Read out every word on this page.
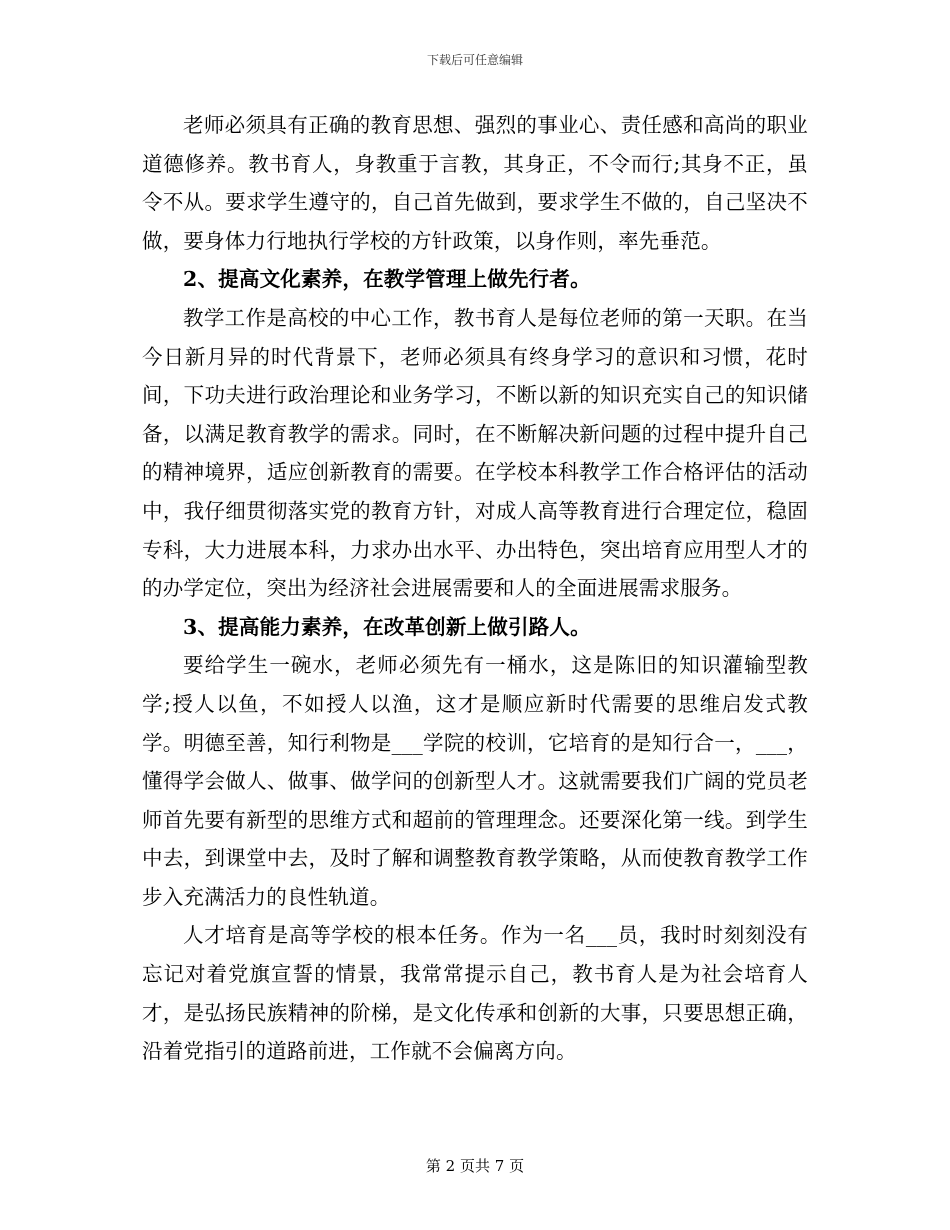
下载后可任意编辑

老师必须具有正确的教育思想、强烈的事业心、责任感和高尚的职业道德修养。教书育人，身教重于言教，其身正，不令而行;其身不正，虽令不从。要求学生遵守的，自己首先做到，要求学生不做的，自己坚决不做，要身体力行地执行学校的方针政策，以身作则，率先垂范。

2、提高文化素养，在教学管理上做先行者。

教学工作是高校的中心工作，教书育人是每位老师的第一天职。在当今日新月异的时代背景下，老师必须具有终身学习的意识和习惯，花时间，下功夫进行政治理论和业务学习，不断以新的知识充实自己的知识储备，以满足教育教学的需求。同时，在不断解决新问题的过程中提升自己的精神境界，适应创新教育的需要。在学校本科教学工作合格评估的活动中，我仔细贯彻落实党的教育方针，对成人高等教育进行合理定位，稳固专科，大力进展本科，力求办出水平、办出特色，突出培育应用型人才的的办学定位，突出为经济社会进展需要和人的全面进展需求服务。

3、提高能力素养，在改革创新上做引路人。

要给学生一碗水，老师必须先有一桶水，这是陈旧的知识灌输型教学;授人以鱼，不如授人以渔，这才是顺应新时代需要的思维启发式教学。明德至善，知行利物是___学院的校训，它培育的是知行合一，___，懂得学会做人、做事、做学问的创新型人才。这就需要我们广阔的党员老师首先要有新型的思维方式和超前的管理理念。还要深化第一线。到学生中去，到课堂中去，及时了解和调整教育教学策略，从而使教育教学工作步入充满活力的良性轨道。

人才培育是高等学校的根本任务。作为一名___员，我时时刻刻没有忘记对着党旗宣誓的情景，我常常提示自己，教书育人是为社会培育人才，是弘扬民族精神的阶梯，是文化传承和创新的大事，只要思想正确，沿着党指引的道路前进，工作就不会偏离方向。

第 2 页共 7 页
